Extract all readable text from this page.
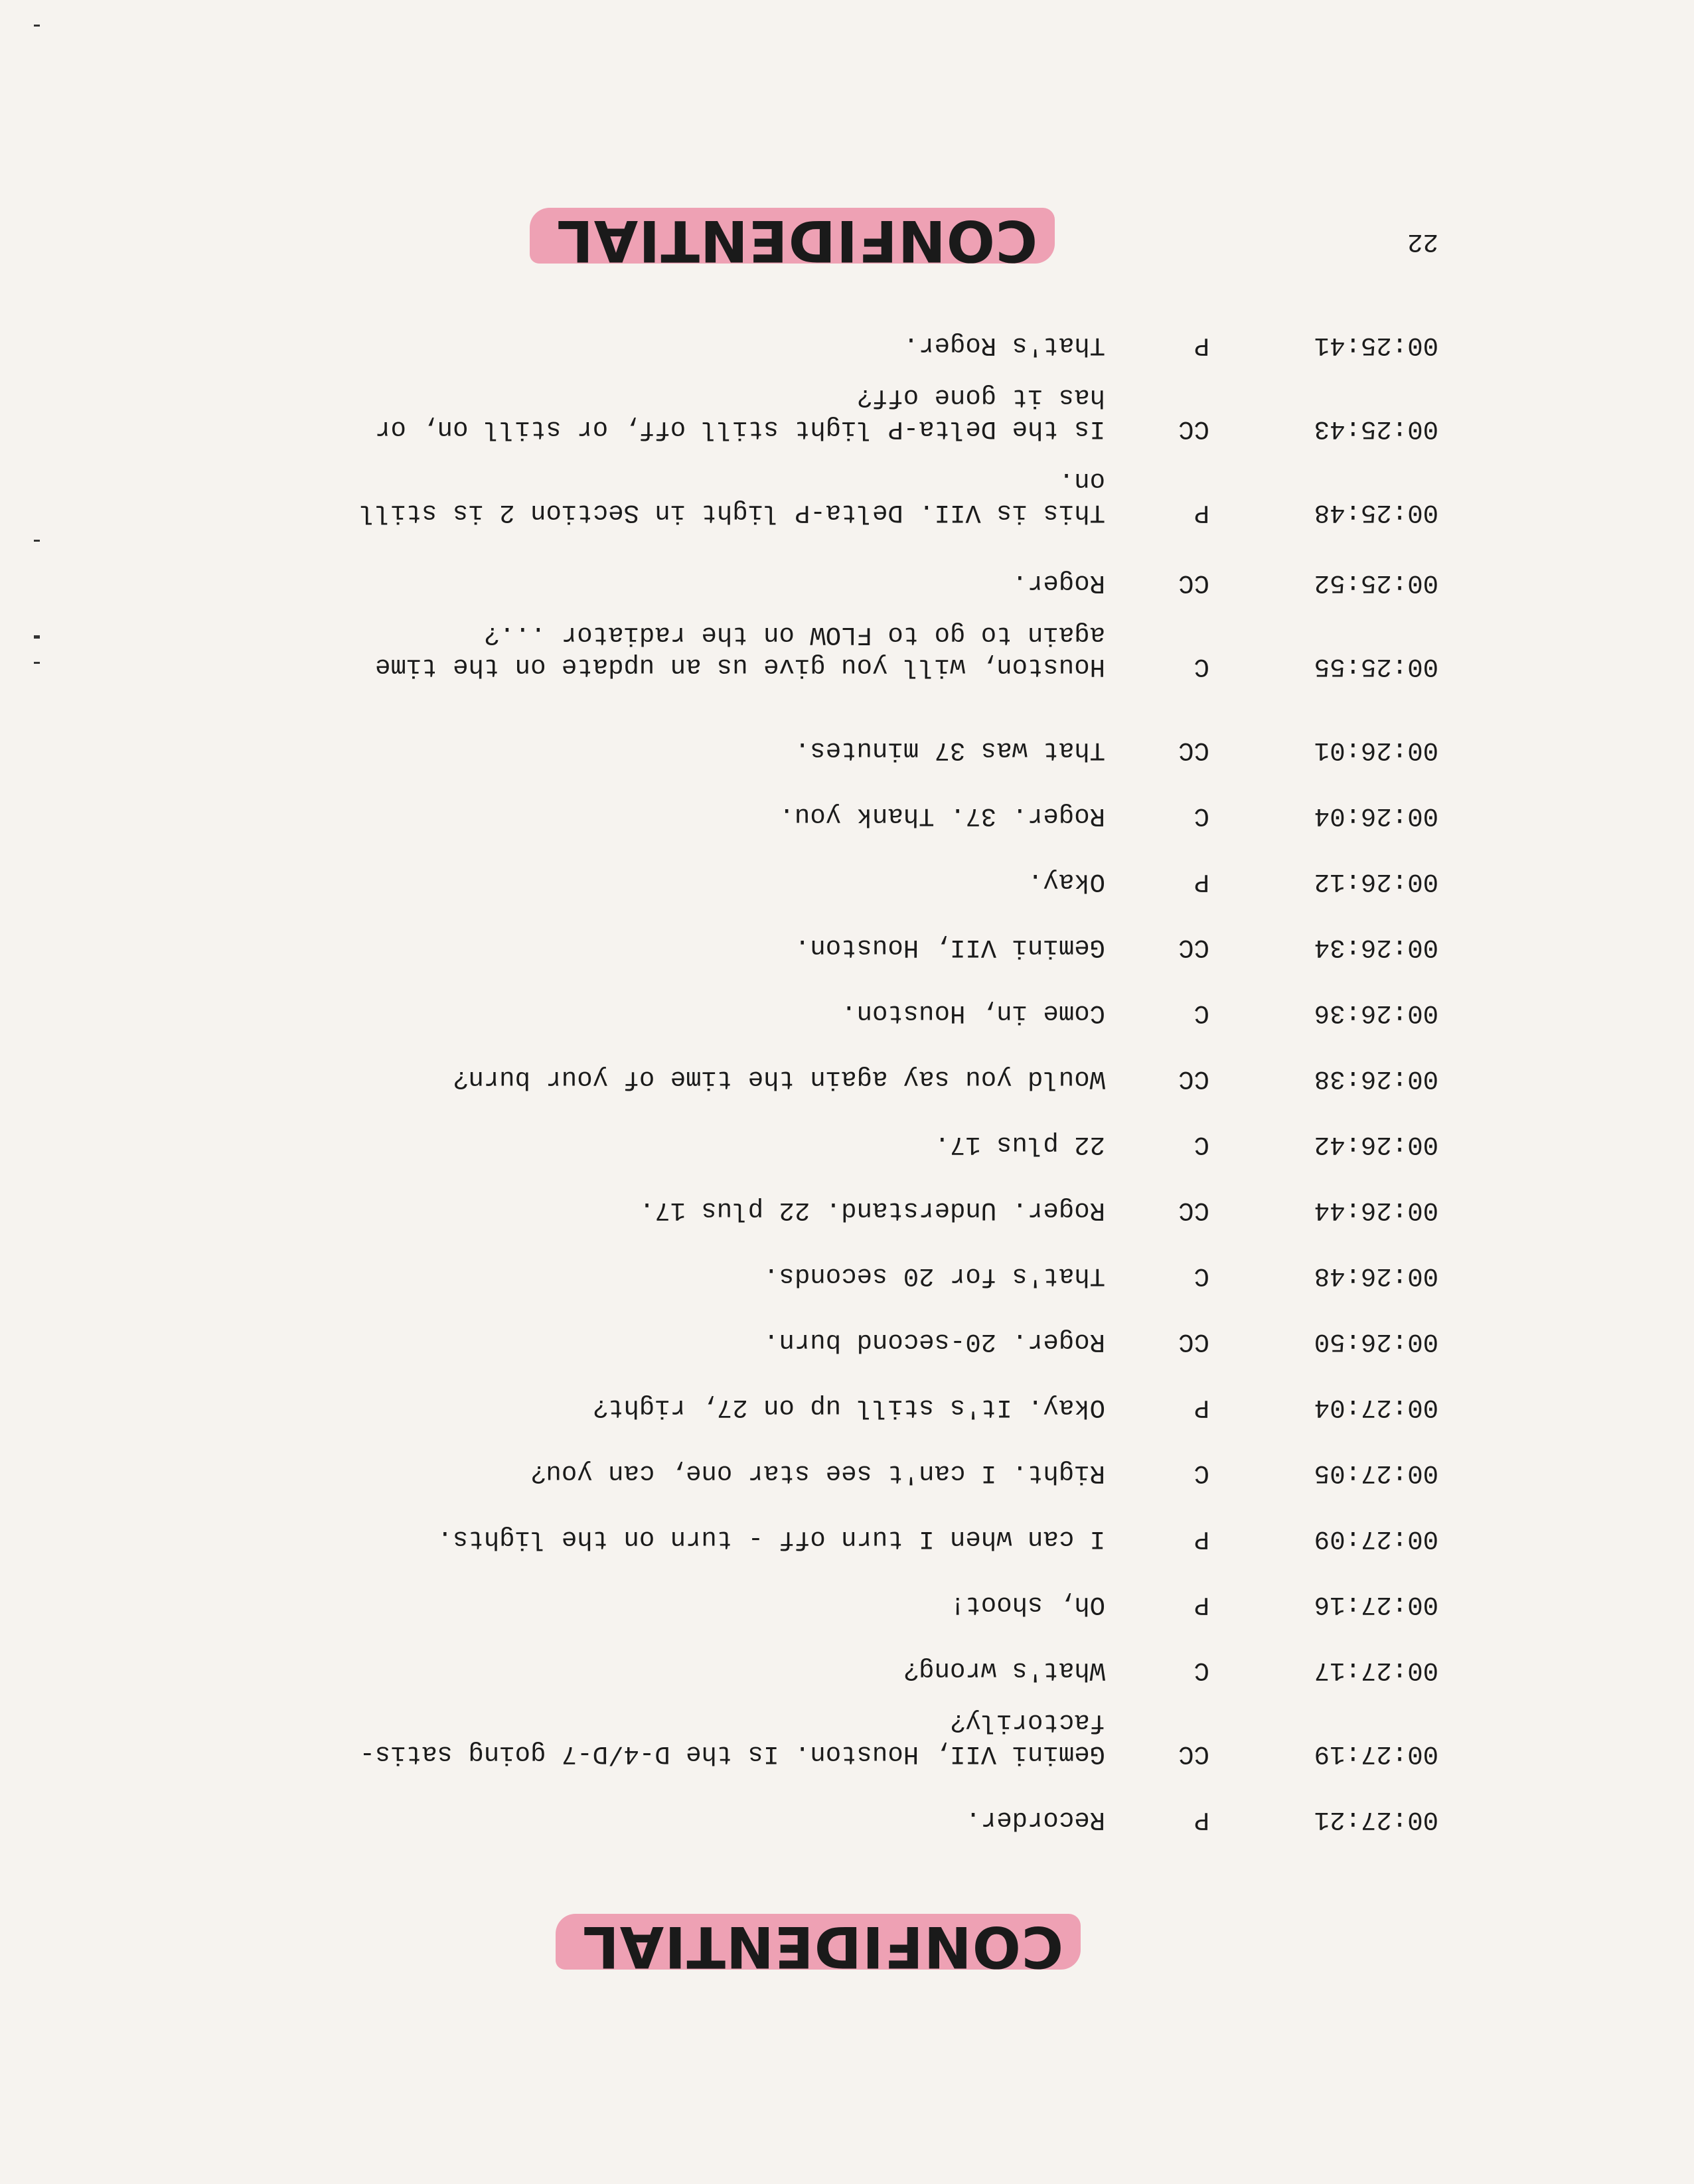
CONFIDENTIAL
22
CONFIDENTIAL
00:25:41
P
That's Roger.
00:25:43
CC
Is the Delta-P light still off, or still on, or
has it gone off?
00:25:48
P
This is VII. Delta-P light in Section 2 is still
on.
00:25:52
CC
Roger.
00:25:55
C
Houston, will you give us an update on the time
again to go to FLOW on the radiator ...?
00:26:01
CC
That was 37 minutes.
00:26:04
C
Roger. 37. Thank you.
00:26:12
P
Okay.
00:26:34
CC
Gemini VII, Houston.
00:26:36
C
Come in, Houston.
00:26:38
CC
Would you say again the time of your burn?
00:26:42
C
22 plus 17.
00:26:44
CC
Roger. Understand. 22 plus 17.
00:26:48
C
That's for 20 seconds.
00:26:50
CC
Roger. 20-second burn.
00:27:04
P
Okay. It's still up on 27, right?
00:27:05
C
Right. I can't see star one, can you?
00:27:09
P
I can when I turn off - turn on the lights.
00:27:16
P
Oh, shoot!
00:27:17
C
What's wrong?
00:27:19
CC
Gemini VII, Houston. Is the D-4/D-7 going satis-
factorily?
00:27:21
P
Recorder.
